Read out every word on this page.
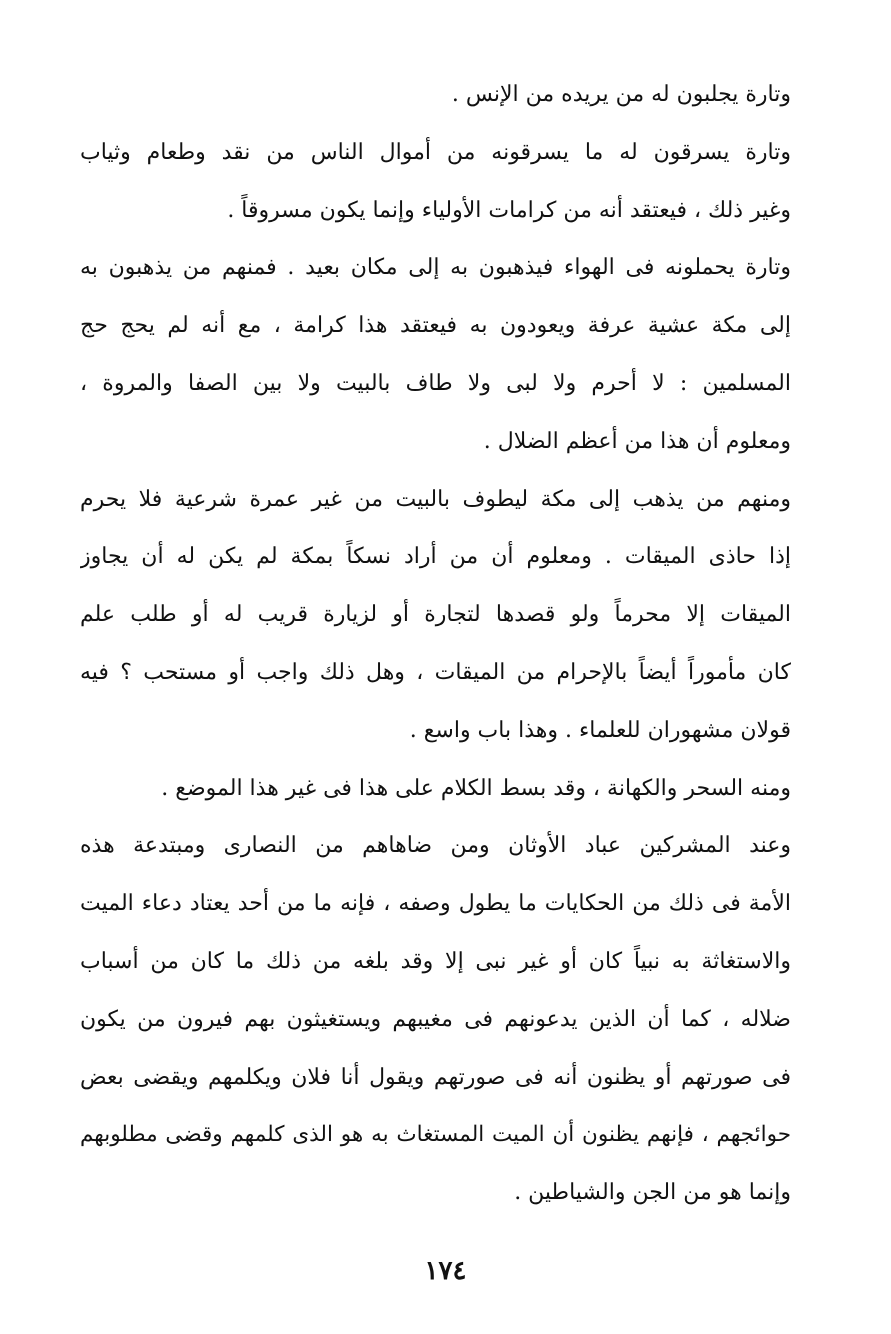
وتارة يجلبون له من يريده من الإنس .
وتارة يسرقون له ما يسرقونه من أموال الناس من نقد وطعام وثياب
وغير ذلك ، فيعتقد أنه من كرامات الأولياء وإنما يكون مسروقاً .
وتارة يحملونه فى الهواء فيذهبون به إلى مكان بعيد . فمنهم من يذهبون به
إلى مكة عشية عرفة ويعودون به فيعتقد هذا كرامة ، مع أنه لم يحج حج
المسلمين : لا أحرم ولا لبى ولا طاف بالبيت ولا بين الصفا والمروة ،
ومعلوم أن هذا من أعظم الضلال .
ومنهم من يذهب إلى مكة ليطوف بالبيت من غير عمرة شرعية فلا يحرم
إذا حاذى الميقات . ومعلوم أن من أراد نسكاً بمكة لم يكن له أن يجاوز
الميقات إلا محرماً ولو قصدها لتجارة أو لزيارة قريب له أو طلب علم
كان مأموراً أيضاً بالإحرام من الميقات ، وهل ذلك واجب أو مستحب ؟ فيه
قولان مشهوران للعلماء . وهذا باب واسع .
ومنه السحر والكهانة ، وقد بسط الكلام على هذا فى غير هذا الموضع .
وعند المشركين عباد الأوثان ومن ضاهاهم من النصارى ومبتدعة هذه
الأمة فى ذلك من الحكايات ما يطول وصفه ، فإنه ما من أحد يعتاد دعاء الميت
والاستغاثة به نبياً كان أو غير نبى إلا وقد بلغه من ذلك ما كان من أسباب
ضلاله ، كما أن الذين يدعونهم فى مغيبهم ويستغيثون بهم فيرون من يكون
فى صورتهم أو يظنون أنه فى صورتهم ويقول أنا فلان ويكلمهم ويقضى بعض
حوائجهم ، فإنهم يظنون أن الميت المستغاث به هو الذى كلمهم وقضى مطلوبهم
وإنما هو من الجن والشياطين .
١٧٤
